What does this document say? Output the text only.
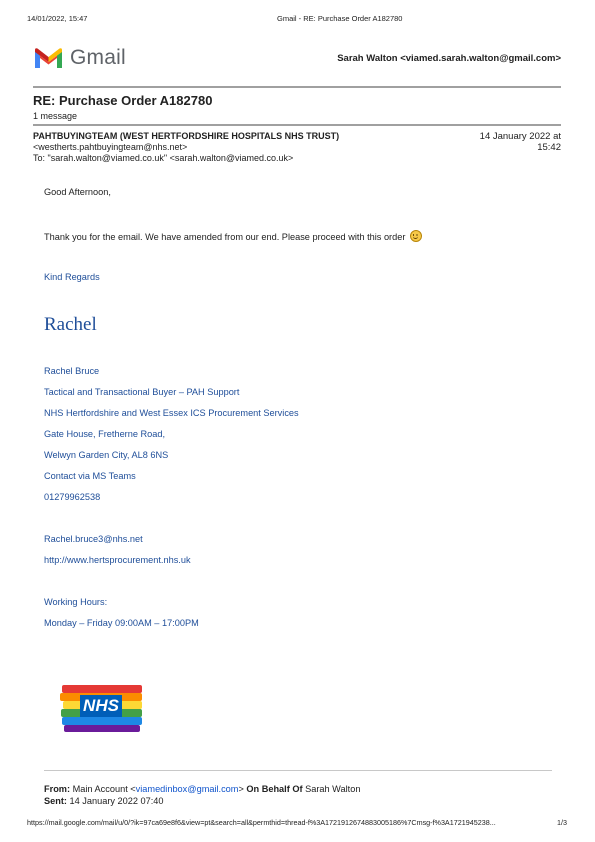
14/01/2022, 15:47	Gmail - RE: Purchase Order A182780
Gmail	Sarah Walton <viamed.sarah.walton@gmail.com>
RE: Purchase Order A182780
1 message
PAHTBUYINGTEAM (WEST HERTFORDSHIRE HOSPITALS NHS TRUST)
<westherts.pahtbuyingteam@nhs.net>
To: "sarah.walton@viamed.co.uk" <sarah.walton@viamed.co.uk>
14 January 2022 at
15:42
Good Afternoon,
Thank you for the email. We have amended from our end. Please proceed with this order
Kind Regards
Rachel
Rachel Bruce
Tactical and Transactional Buyer – PAH Support
NHS Hertfordshire and West Essex ICS Procurement Services
Gate House, Fretherne Road,
Welwyn Garden City, AL8 6NS
Contact via MS Teams
01279962538
Rachel.bruce3@nhs.net
http://www.hertsprocurement.nhs.uk
Working Hours:
Monday – Friday 09:00AM – 17:00PM
NHS
From: Main Account <viamedinbox@gmail.com> On Behalf Of Sarah Walton
Sent: 14 January 2022 07:40
https://mail.google.com/mail/u/0/?ik=97ca69e8f6&view=pt&search=all&permthid=thread-f%3A1721912674883005186%7Cmsg-f%3A1721945238...	1/3
